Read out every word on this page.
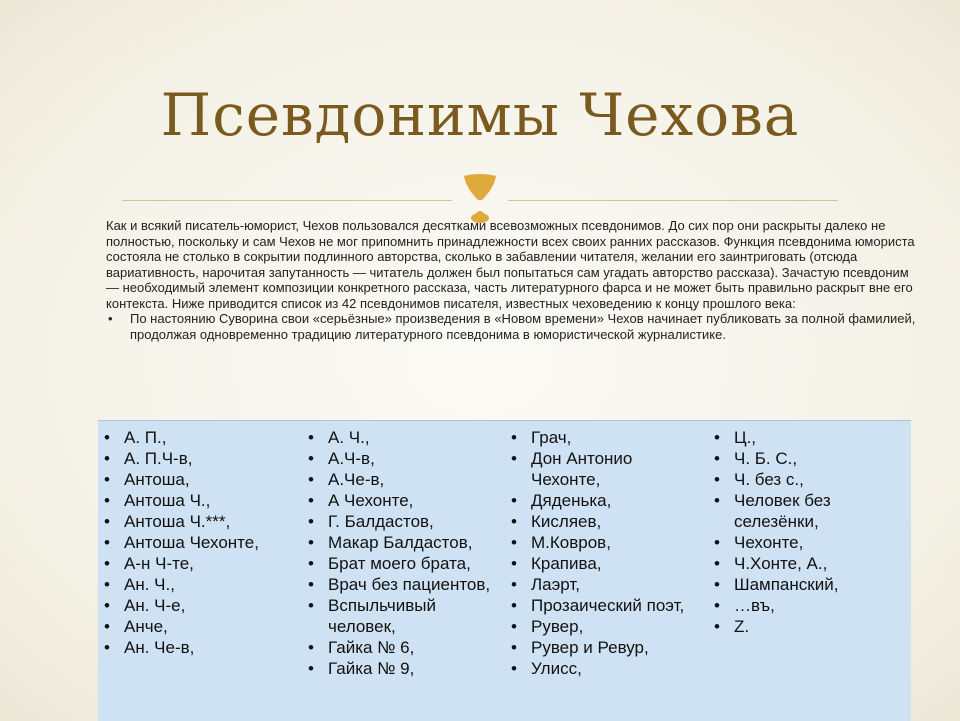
Псевдонимы Чехова

Как и всякий писатель-юморист, Чехов пользовался десятками всевозможных псевдонимов. До сих пор они раскрыты далеко не полностью, поскольку и сам Чехов не мог припомнить принадлежности всех своих ранних рассказов. Функция псевдонима юмориста состояла не столько в сокрытии подлинного авторства, сколько в забавлении читателя, желании его заинтриговать (отсюда вариативность, нарочитая запутанность — читатель должен был попытаться сам угадать авторство рассказа). Зачастую псевдоним — необходимый элемент композиции конкретного рассказа, часть литературного фарса и не может быть правильно раскрыт вне его контекста. Ниже приводится список из 42 псевдонимов писателя, известных чеховедению к концу прошлого века:

• По настоянию Суворина свои «серьёзные» произведения в «Новом времени» Чехов начинает публиковать за полной фамилией, продолжая одновременно традицию литературного псевдонима в юмористической журналистике.
• А. П.,
• А. П.Ч-в,
• Антоша,
• Антоша Ч.,
• Антоша Ч.***,
• Антоша Чехонте,
• А-н Ч-те,
• Ан. Ч.,
• Ан. Ч-е,
• Анче,
• Ан. Че-в,
• А. Ч.,
• А.Ч-в,
• А.Че-в,
• А Чехонте,
• Г. Балдастов,
• Макар Балдастов,
• Брат моего брата,
• Врач без пациентов,
• Вспыльчивый человек,
• Гайка № 6,
• Гайка № 9,
• Грач,
• Дон Антонио Чехонте,
• Дяденька,
• Кисляев,
• М.Ковров,
• Крапива,
• Лаэрт,
• Прозаический поэт,
• Рувер,
• Рувер и Ревур,
• Улисс,
• Ц.,
• Ч. Б. С.,
• Ч. без с.,
• Человек без селезёнки,
• Чехонте,
• Ч.Хонте, А.,
• Шампанский,
• …въ,
• Z.
